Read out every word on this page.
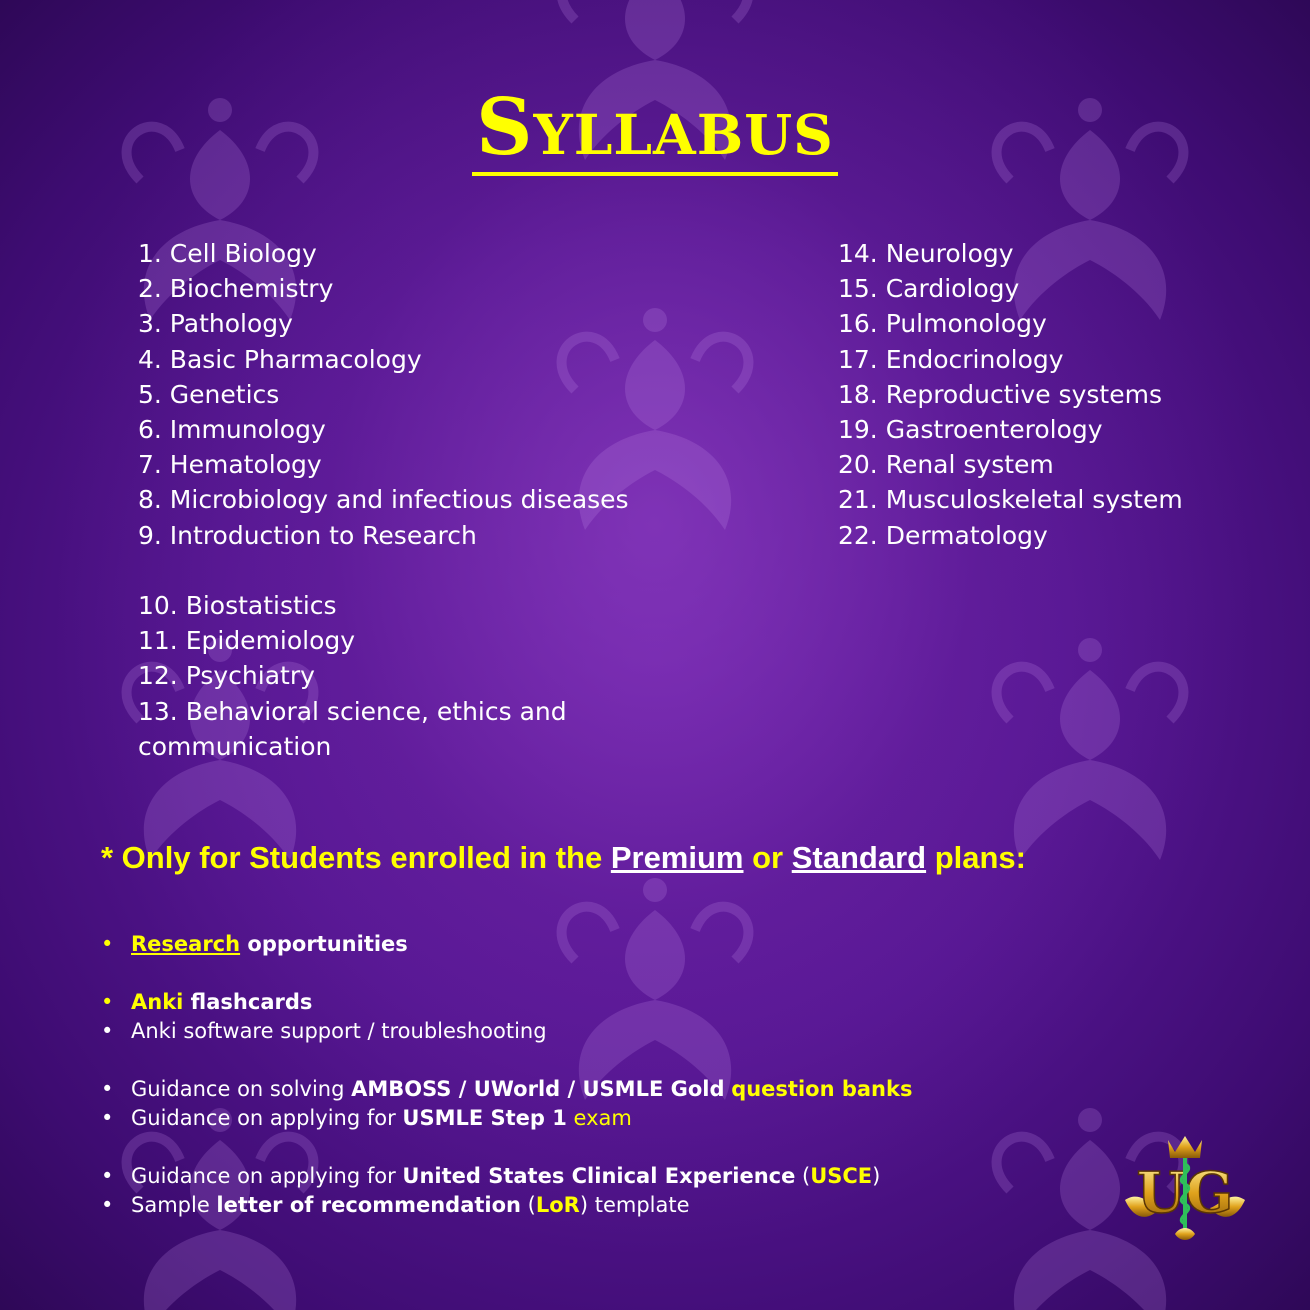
Syllabus
1. Cell Biology
2. Biochemistry
3. Pathology
4. Basic Pharmacology
5. Genetics
6. Immunology
7. Hematology
8. Microbiology and infectious diseases
9. Introduction to Research
10. Biostatistics
11. Epidemiology
12. Psychiatry
13. Behavioral science, ethics and communication
14. Neurology
15. Cardiology
16. Pulmonology
17. Endocrinology
18. Reproductive systems
19. Gastroenterology
20. Renal system
21. Musculoskeletal system
22. Dermatology
* Only for Students enrolled in the Premium or Standard plans:
• Research opportunities
• Anki flashcards
• Anki software support / troubleshooting
• Guidance on solving AMBOSS / UWorld / USMLE Gold question banks
• Guidance on applying for USMLE Step 1 exam
• Guidance on applying for United States Clinical Experience (USCE)
• Sample letter of recommendation (LoR) template	UG
